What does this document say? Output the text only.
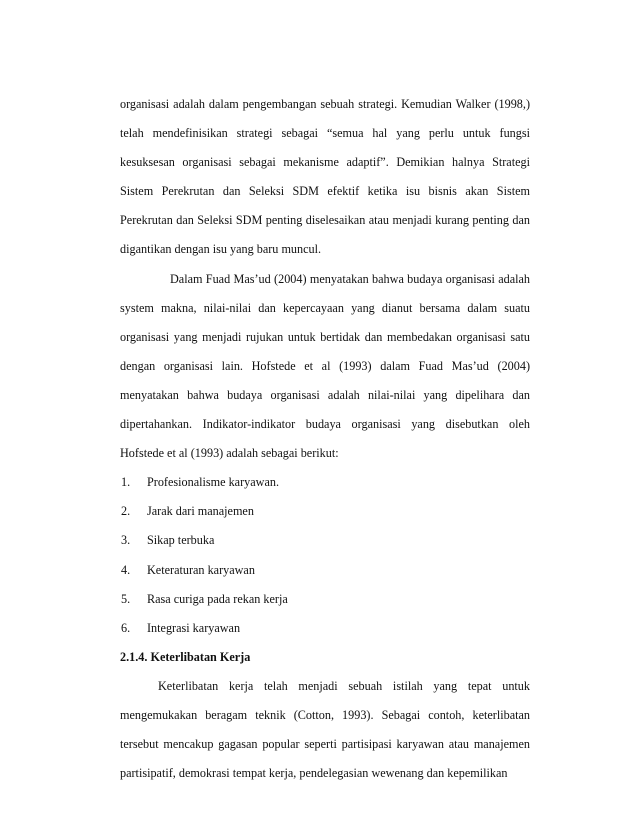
organisasi adalah dalam pengembangan sebuah strategi. Kemudian Walker (1998,) telah mendefinisikan strategi sebagai “semua hal yang perlu untuk fungsi kesuksesan organisasi sebagai mekanisme adaptif”. Demikian halnya Strategi Sistem Perekrutan dan Seleksi SDM efektif ketika isu bisnis akan Sistem Perekrutan dan Seleksi SDM penting diselesaikan atau menjadi kurang penting dan digantikan dengan isu yang baru muncul.

Dalam Fuad Mas’ud (2004) menyatakan bahwa budaya organisasi adalah system makna, nilai-nilai dan kepercayaan yang dianut bersama dalam suatu organisasi yang menjadi rujukan untuk bertidak dan membedakan organisasi satu dengan organisasi lain. Hofstede et al (1993) dalam Fuad Mas’ud (2004) menyatakan bahwa budaya organisasi adalah nilai-nilai yang dipelihara dan dipertahankan. Indikator-indikator budaya organisasi yang disebutkan oleh Hofstede et al (1993) adalah sebagai berikut:

1.	Profesionalisme karyawan.
2.	Jarak dari manajemen
3.	Sikap terbuka
4.	Keteraturan karyawan
5.	Rasa curiga pada rekan kerja
6.	Integrasi karyawan

2.1.4. Keterlibatan Kerja

Keterlibatan kerja telah menjadi sebuah istilah yang tepat untuk mengemukakan beragam teknik (Cotton, 1993). Sebagai contoh, keterlibatan tersebut mencakup gagasan popular seperti partisipasi karyawan atau manajemen partisipatif, demokrasi tempat kerja, pendelegasian wewenang dan kepemilikan
